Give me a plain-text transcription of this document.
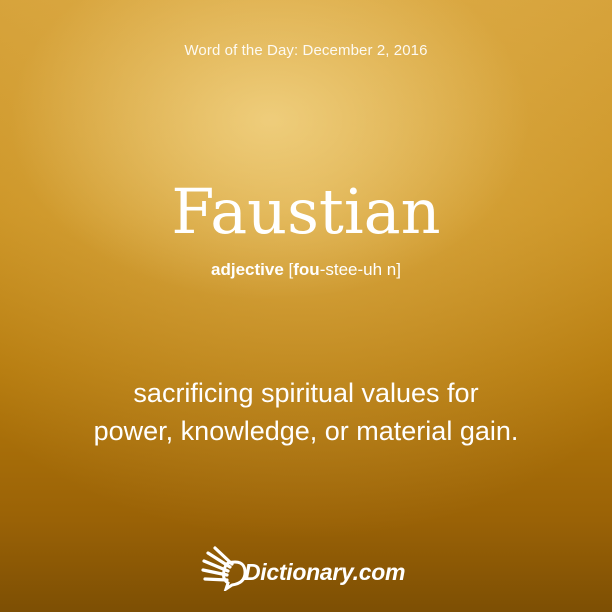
Word of the Day: December 2, 2016
Faustian
adjective [fou-stee-uh n]
sacrificing spiritual values for
power, knowledge, or material gain.
Dictionary.com
